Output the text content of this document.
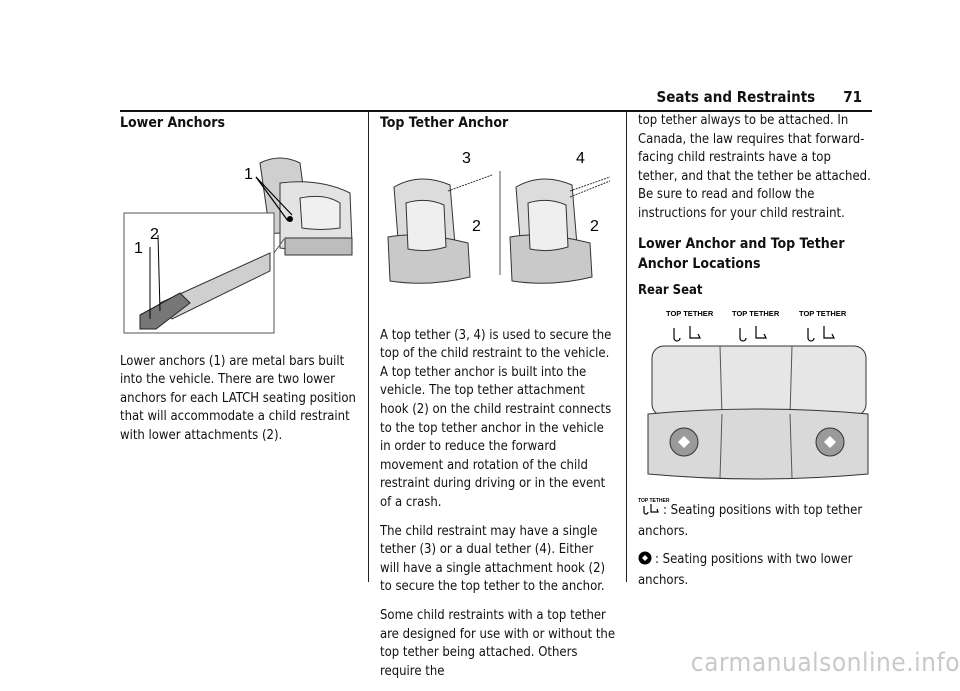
Seats and Restraints 71
Lower Anchors
1
2
1

Lower anchors (1) are metal bars built into the vehicle. There are two lower anchors for each LATCH seating position that will accommodate a child restraint with lower attachments (2).

Top Tether Anchor
3
2
4
2

A top tether (3, 4) is used to secure the top of the child restraint to the vehicle. A top tether anchor is built into the vehicle. The top tether attachment hook (2) on the child restraint connects to the top tether anchor in the vehicle in order to reduce the forward movement and rotation of the child restraint during driving or in the event of a crash.

The child restraint may have a single tether (3) or a dual tether (4). Either will have a single attachment hook (2) to secure the top tether to the anchor.

Some child restraints with a top tether are designed for use with or without the top tether being attached. Others require the

top tether always to be attached. In Canada, the law requires that forward-facing child restraints have a top tether, and that the tether be attached. Be sure to read and follow the instructions for your child restraint.

Lower Anchor and Top Tether Anchor Locations
Rear Seat
TOP TETHER	TOP TETHER	TOP TETHER

TOP TETHER
: Seating positions with top tether anchors.

: Seating positions with two lower anchors.

carmanualsonline.info
